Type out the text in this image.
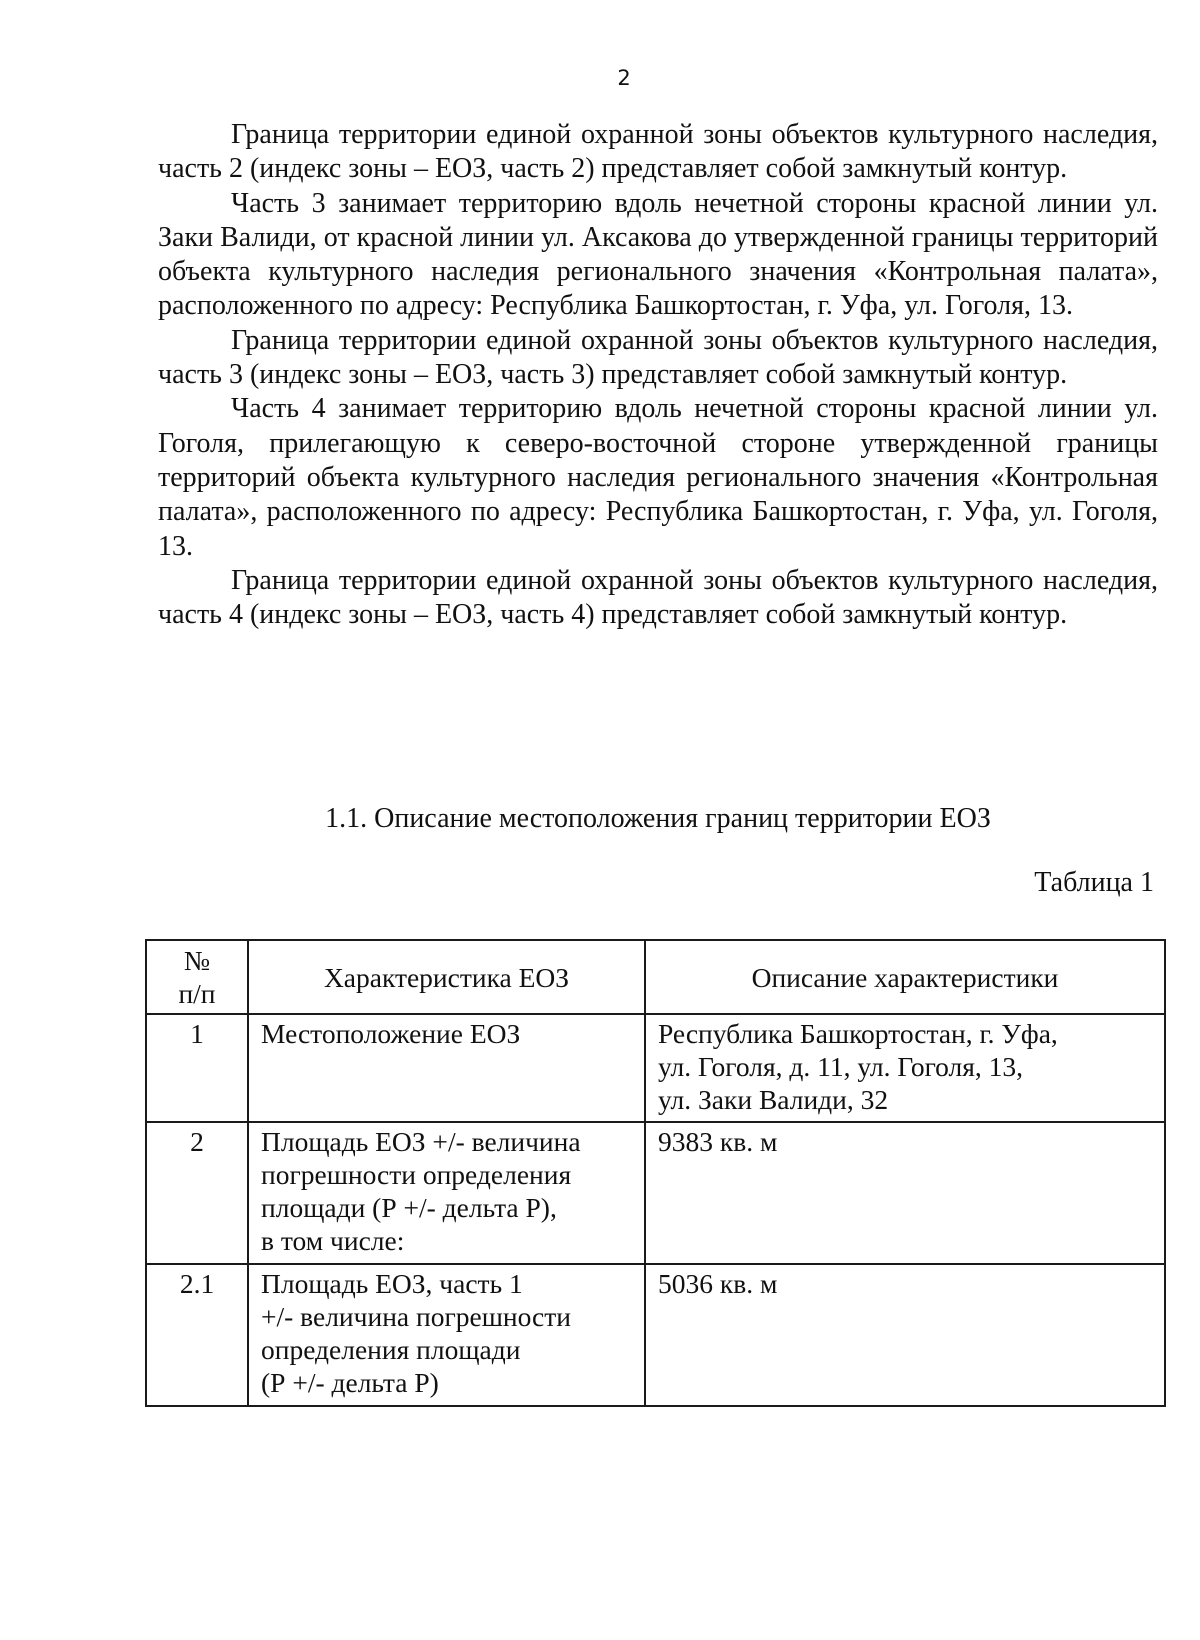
2

Граница территории единой охранной зоны объектов культурного наследия, часть 2 (индекс зоны – ЕОЗ, часть 2) представляет собой замкнутый контур.

Часть 3 занимает территорию вдоль нечетной стороны красной линии ул. Заки Валиди, от красной линии ул. Аксакова до утвержденной границы территорий объекта культурного наследия регионального значения «Контрольная палата», расположенного по адресу: Республика Башкортостан, г. Уфа, ул. Гоголя, 13.

Граница территории единой охранной зоны объектов культурного наследия, часть 3 (индекс зоны – ЕОЗ, часть 3) представляет собой замкнутый контур.

Часть 4 занимает территорию вдоль нечетной стороны красной линии ул. Гоголя, прилегающую к северо-восточной стороне утвержденной границы территорий объекта культурного наследия регионального значения «Контрольная палата», расположенного по адресу: Республика Башкортостан, г. Уфа, ул. Гоголя, 13.

Граница территории единой охранной зоны объектов культурного наследия, часть 4 (индекс зоны – ЕОЗ, часть 4) представляет собой замкнутый контур.

1.1. Описание местоположения границ территории ЕОЗ
Таблица 1
№
п/п	Характеристика ЕОЗ	Описание характеристики
1	Местоположение ЕОЗ	Республика Башкортостан, г. Уфа,
ул. Гоголя, д. 11, ул. Гоголя, 13,
ул. Заки Валиди, 32
2	Площадь ЕОЗ +/- величина
погрешности определения
площади (Р +/- дельта Р),
в том числе:	9383 кв. м
2.1	Площадь ЕОЗ, часть 1
+/- величина погрешности
определения площади
(Р +/- дельта Р)	5036 кв. м
